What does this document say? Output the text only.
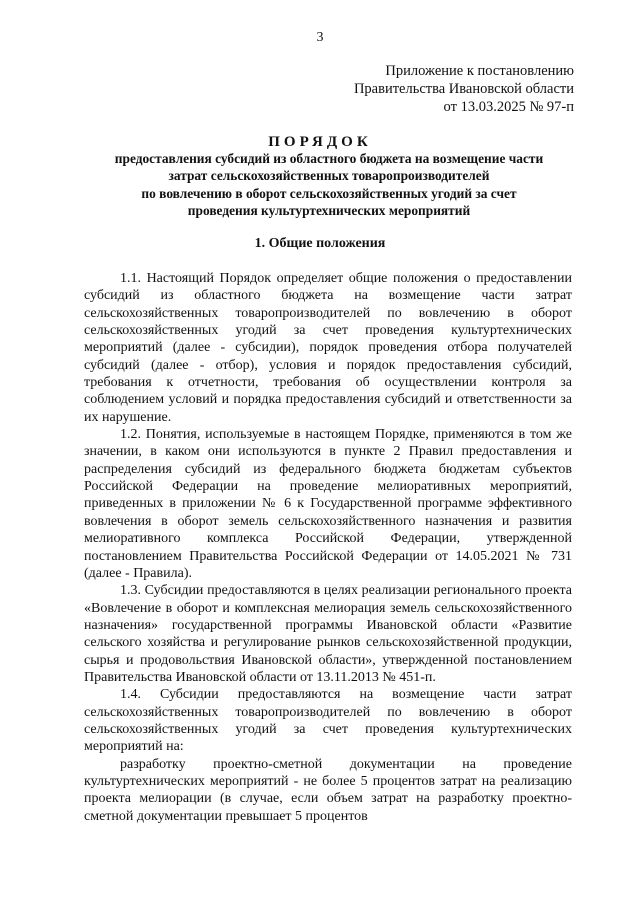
3
Приложение к постановлению
Правительства Ивановской области
от 13.03.2025 № 97-п
ПОРЯДОК
предоставления субсидий из областного бюджета на возмещение части
затрат сельскохозяйственных товаропроизводителей
по вовлечению в оборот сельскохозяйственных угодий за счет
проведения культуртехнических мероприятий
1. Общие положения

1.1. Настоящий Порядок определяет общие положения о предоставлении субсидий из областного бюджета на возмещение части затрат сельскохозяйственных товаропроизводителей по вовлечению в оборот сельскохозяйственных угодий за счет проведения культуртехнических мероприятий (далее - субсидии), порядок проведения отбора получателей субсидий (далее - отбор), условия и порядок предоставления субсидий, требования к отчетности, требования об осуществлении контроля за соблюдением условий и порядка предоставления субсидий и ответственности за их нарушение.

1.2. Понятия, используемые в настоящем Порядке, применяются в том же значении, в каком они используются в пункте 2 Правил предоставления и распределения субсидий из федерального бюджета бюджетам субъектов Российской Федерации на проведение мелиоративных мероприятий, приведенных в приложении № 6 к Государственной программе эффективного вовлечения в оборот земель сельскохозяйственного назначения и развития мелиоративного комплекса Российской Федерации, утвержденной постановлением Правительства Российской Федерации от 14.05.2021 № 731 (далее - Правила).

1.3. Субсидии предоставляются в целях реализации регионального проекта «Вовлечение в оборот и комплексная мелиорация земель сельскохозяйственного назначения» государственной программы Ивановской области «Развитие сельского хозяйства и регулирование рынков сельскохозяйственной продукции, сырья и продовольствия Ивановской области», утвержденной постановлением Правительства Ивановской области от 13.11.2013 № 451-п.

1.4. Субсидии предоставляются на возмещение части затрат сельскохозяйственных товаропроизводителей по вовлечению в оборот сельскохозяйственных угодий за счет проведения культуртехнических мероприятий на:

разработку проектно-сметной документации на проведение культуртехнических мероприятий - не более 5 процентов затрат на реализацию проекта мелиорации (в случае, если объем затрат на разработку проектно-сметной документации превышает 5 процентов
